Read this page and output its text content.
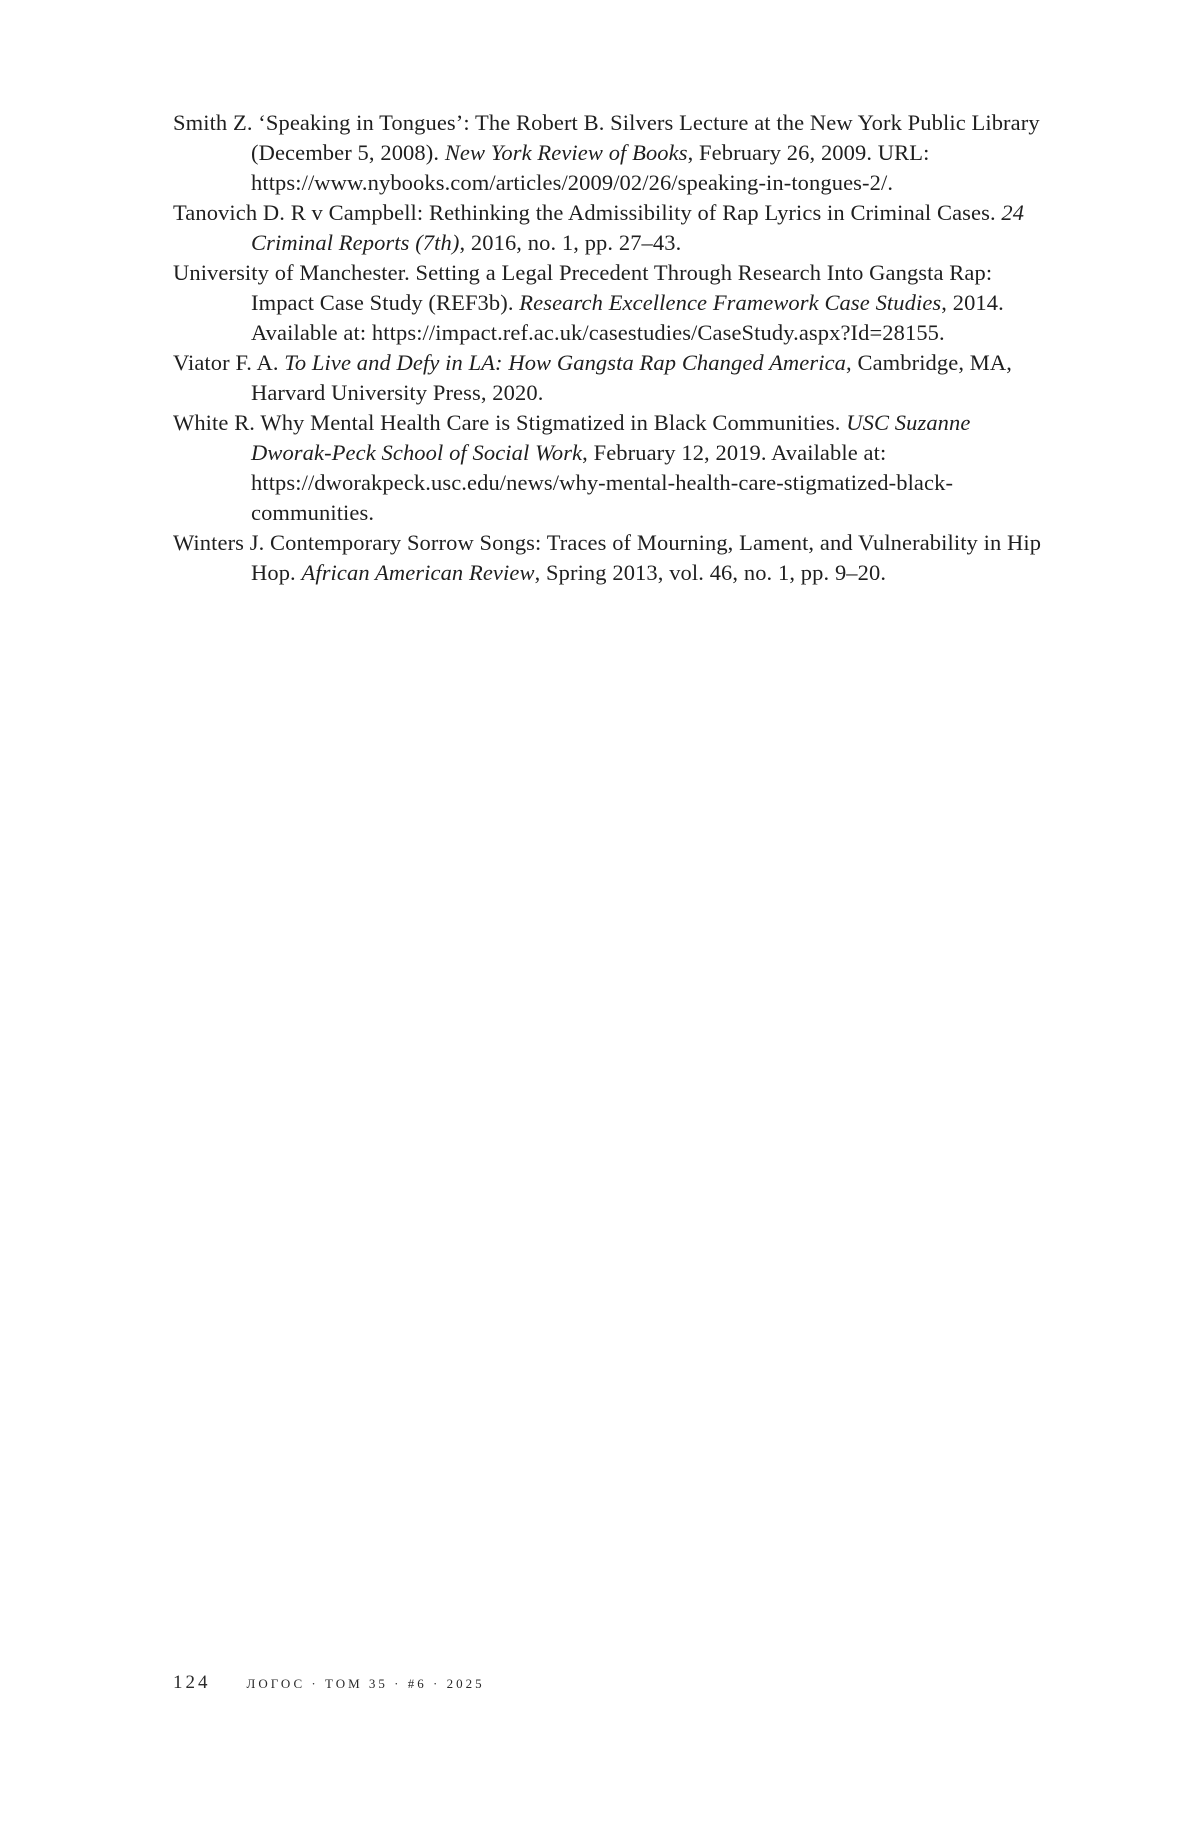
Smith Z. ‘Speaking in Tongues’: The Robert B. Silvers Lecture at the New York Public Library (December 5, 2008). New York Review of Books, February 26, 2009. URL: https://www.nybooks.com/articles/2009/02/26/speaking-in-tongues-2/.

Tanovich D. R v Campbell: Rethinking the Admissibility of Rap Lyrics in Criminal Cases. 24 Criminal Reports (7th), 2016, no. 1, pp. 27–43.

University of Manchester. Setting a Legal Precedent Through Research Into Gangsta Rap: Impact Case Study (REF3b). Research Excellence Framework Case Studies, 2014. Available at: https://impact.ref.ac.uk/casestudies/CaseStudy.aspx?Id=28155.

Viator F. A. To Live and Defy in LA: How Gangsta Rap Changed America, Cambridge, MA, Harvard University Press, 2020.

White R. Why Mental Health Care is Stigmatized in Black Communities. USC Suzanne Dworak-Peck School of Social Work, February 12, 2019. Available at: https://dworakpeck.usc.edu/news/why-mental-health-care-stigmatized-black-communities.

Winters J. Contemporary Sorrow Songs: Traces of Mourning, Lament, and Vulnerability in Hip Hop. African American Review, Spring 2013, vol. 46, no. 1, pp. 9–20.

124 логос · том 35 · #6 · 2025
